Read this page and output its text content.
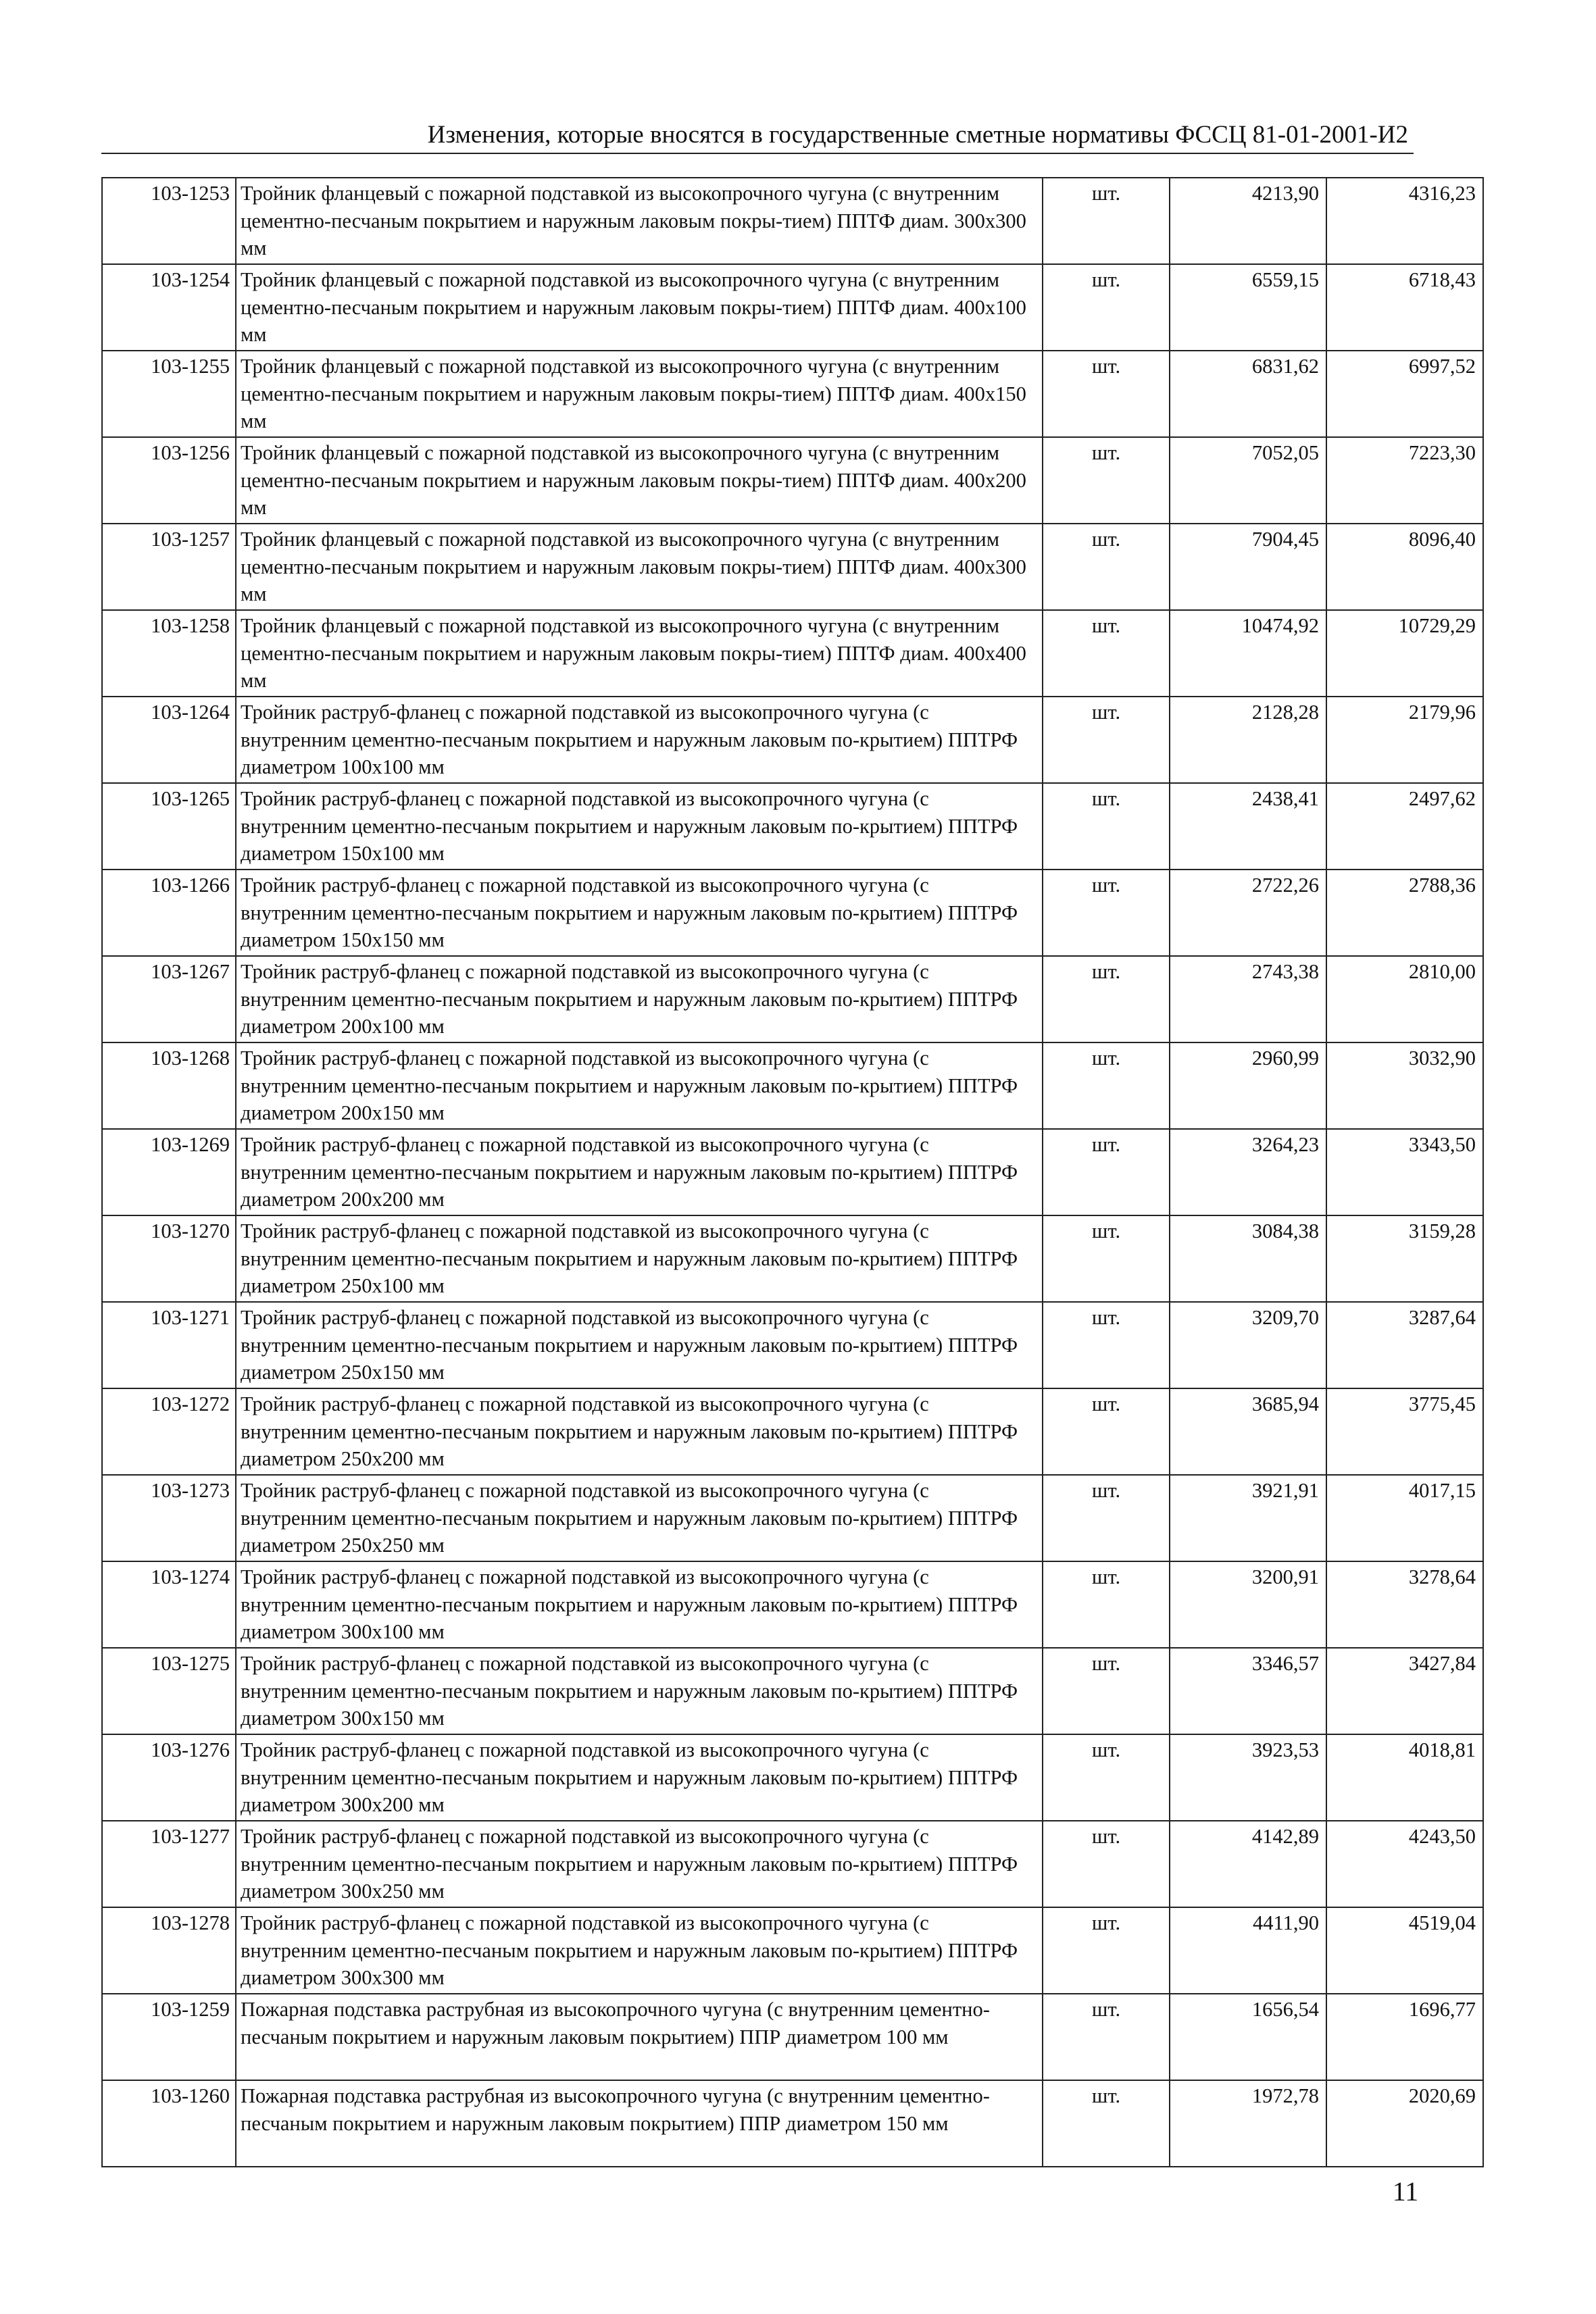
Изменения, которые вносятся в государственные сметные нормативы ФССЦ 81-01-2001-И2
103-1253	Тройник фланцевый с пожарной подставкой из высокопрочного чугуна (с внутренним цементно-песчаным покрытием и наружным лаковым покры-тием) ППТФ диам. 300х300 мм	шт.	4213,90	4316,23
103-1254	Тройник фланцевый с пожарной подставкой из высокопрочного чугуна (с внутренним цементно-песчаным покрытием и наружным лаковым покры-тием) ППТФ диам. 400х100 мм	шт.	6559,15	6718,43
103-1255	Тройник фланцевый с пожарной подставкой из высокопрочного чугуна (с внутренним цементно-песчаным покрытием и наружным лаковым покры-тием) ППТФ диам. 400х150 мм	шт.	6831,62	6997,52
103-1256	Тройник фланцевый с пожарной подставкой из высокопрочного чугуна (с внутренним цементно-песчаным покрытием и наружным лаковым покры-тием) ППТФ диам. 400х200 мм	шт.	7052,05	7223,30
103-1257	Тройник фланцевый с пожарной подставкой из высокопрочного чугуна (с внутренним цементно-песчаным покрытием и наружным лаковым покры-тием) ППТФ диам. 400х300 мм	шт.	7904,45	8096,40
103-1258	Тройник фланцевый с пожарной подставкой из высокопрочного чугуна (с внутренним цементно-песчаным покрытием и наружным лаковым покры-тием) ППТФ диам. 400х400 мм	шт.	10474,92	10729,29
103-1264	Тройник раструб-фланец с пожарной подставкой из высокопрочного чугуна (с внутренним цементно-песчаным покрытием и наружным лаковым по-крытием) ППТРФ диаметром 100х100 мм	шт.	2128,28	2179,96
103-1265	Тройник раструб-фланец с пожарной подставкой из высокопрочного чугуна (с внутренним цементно-песчаным покрытием и наружным лаковым по-крытием) ППТРФ диаметром 150х100 мм	шт.	2438,41	2497,62
103-1266	Тройник раструб-фланец с пожарной подставкой из высокопрочного чугуна (с внутренним цементно-песчаным покрытием и наружным лаковым по-крытием) ППТРФ диаметром 150х150 мм	шт.	2722,26	2788,36
103-1267	Тройник раструб-фланец с пожарной подставкой из высокопрочного чугуна (с внутренним цементно-песчаным покрытием и наружным лаковым по-крытием) ППТРФ диаметром 200х100 мм	шт.	2743,38	2810,00
103-1268	Тройник раструб-фланец с пожарной подставкой из высокопрочного чугуна (с внутренним цементно-песчаным покрытием и наружным лаковым по-крытием) ППТРФ диаметром 200х150 мм	шт.	2960,99	3032,90
103-1269	Тройник раструб-фланец с пожарной подставкой из высокопрочного чугуна (с внутренним цементно-песчаным покрытием и наружным лаковым по-крытием) ППТРФ диаметром 200х200 мм	шт.	3264,23	3343,50
103-1270	Тройник раструб-фланец с пожарной подставкой из высокопрочного чугуна (с внутренним цементно-песчаным покрытием и наружным лаковым по-крытием) ППТРФ диаметром 250х100 мм	шт.	3084,38	3159,28
103-1271	Тройник раструб-фланец с пожарной подставкой из высокопрочного чугуна (с внутренним цементно-песчаным покрытием и наружным лаковым по-крытием) ППТРФ диаметром 250х150 мм	шт.	3209,70	3287,64
103-1272	Тройник раструб-фланец с пожарной подставкой из высокопрочного чугуна (с внутренним цементно-песчаным покрытием и наружным лаковым по-крытием) ППТРФ диаметром 250х200 мм	шт.	3685,94	3775,45
103-1273	Тройник раструб-фланец с пожарной подставкой из высокопрочного чугуна (с внутренним цементно-песчаным покрытием и наружным лаковым по-крытием) ППТРФ диаметром 250х250 мм	шт.	3921,91	4017,15
103-1274	Тройник раструб-фланец с пожарной подставкой из высокопрочного чугуна (с внутренним цементно-песчаным покрытием и наружным лаковым по-крытием) ППТРФ диаметром 300х100 мм	шт.	3200,91	3278,64
103-1275	Тройник раструб-фланец с пожарной подставкой из высокопрочного чугуна (с внутренним цементно-песчаным покрытием и наружным лаковым по-крытием) ППТРФ диаметром 300х150 мм	шт.	3346,57	3427,84
103-1276	Тройник раструб-фланец с пожарной подставкой из высокопрочного чугуна (с внутренним цементно-песчаным покрытием и наружным лаковым по-крытием) ППТРФ диаметром 300х200 мм	шт.	3923,53	4018,81
103-1277	Тройник раструб-фланец с пожарной подставкой из высокопрочного чугуна (с внутренним цементно-песчаным покрытием и наружным лаковым по-крытием) ППТРФ диаметром 300х250 мм	шт.	4142,89	4243,50
103-1278	Тройник раструб-фланец с пожарной подставкой из высокопрочного чугуна (с внутренним цементно-песчаным покрытием и наружным лаковым по-крытием) ППТРФ диаметром 300х300 мм	шт.	4411,90	4519,04
103-1259	Пожарная подставка раструбная из высокопрочного чугуна (с внутренним цементно-песчаным покрытием и наружным лаковым покрытием) ППР диаметром 100 мм	шт.	1656,54	1696,77
103-1260	Пожарная подставка раструбная из высокопрочного чугуна (с внутренним цементно-песчаным покрытием и наружным лаковым покрытием) ППР диаметром 150 мм	шт.	1972,78	2020,69
11
